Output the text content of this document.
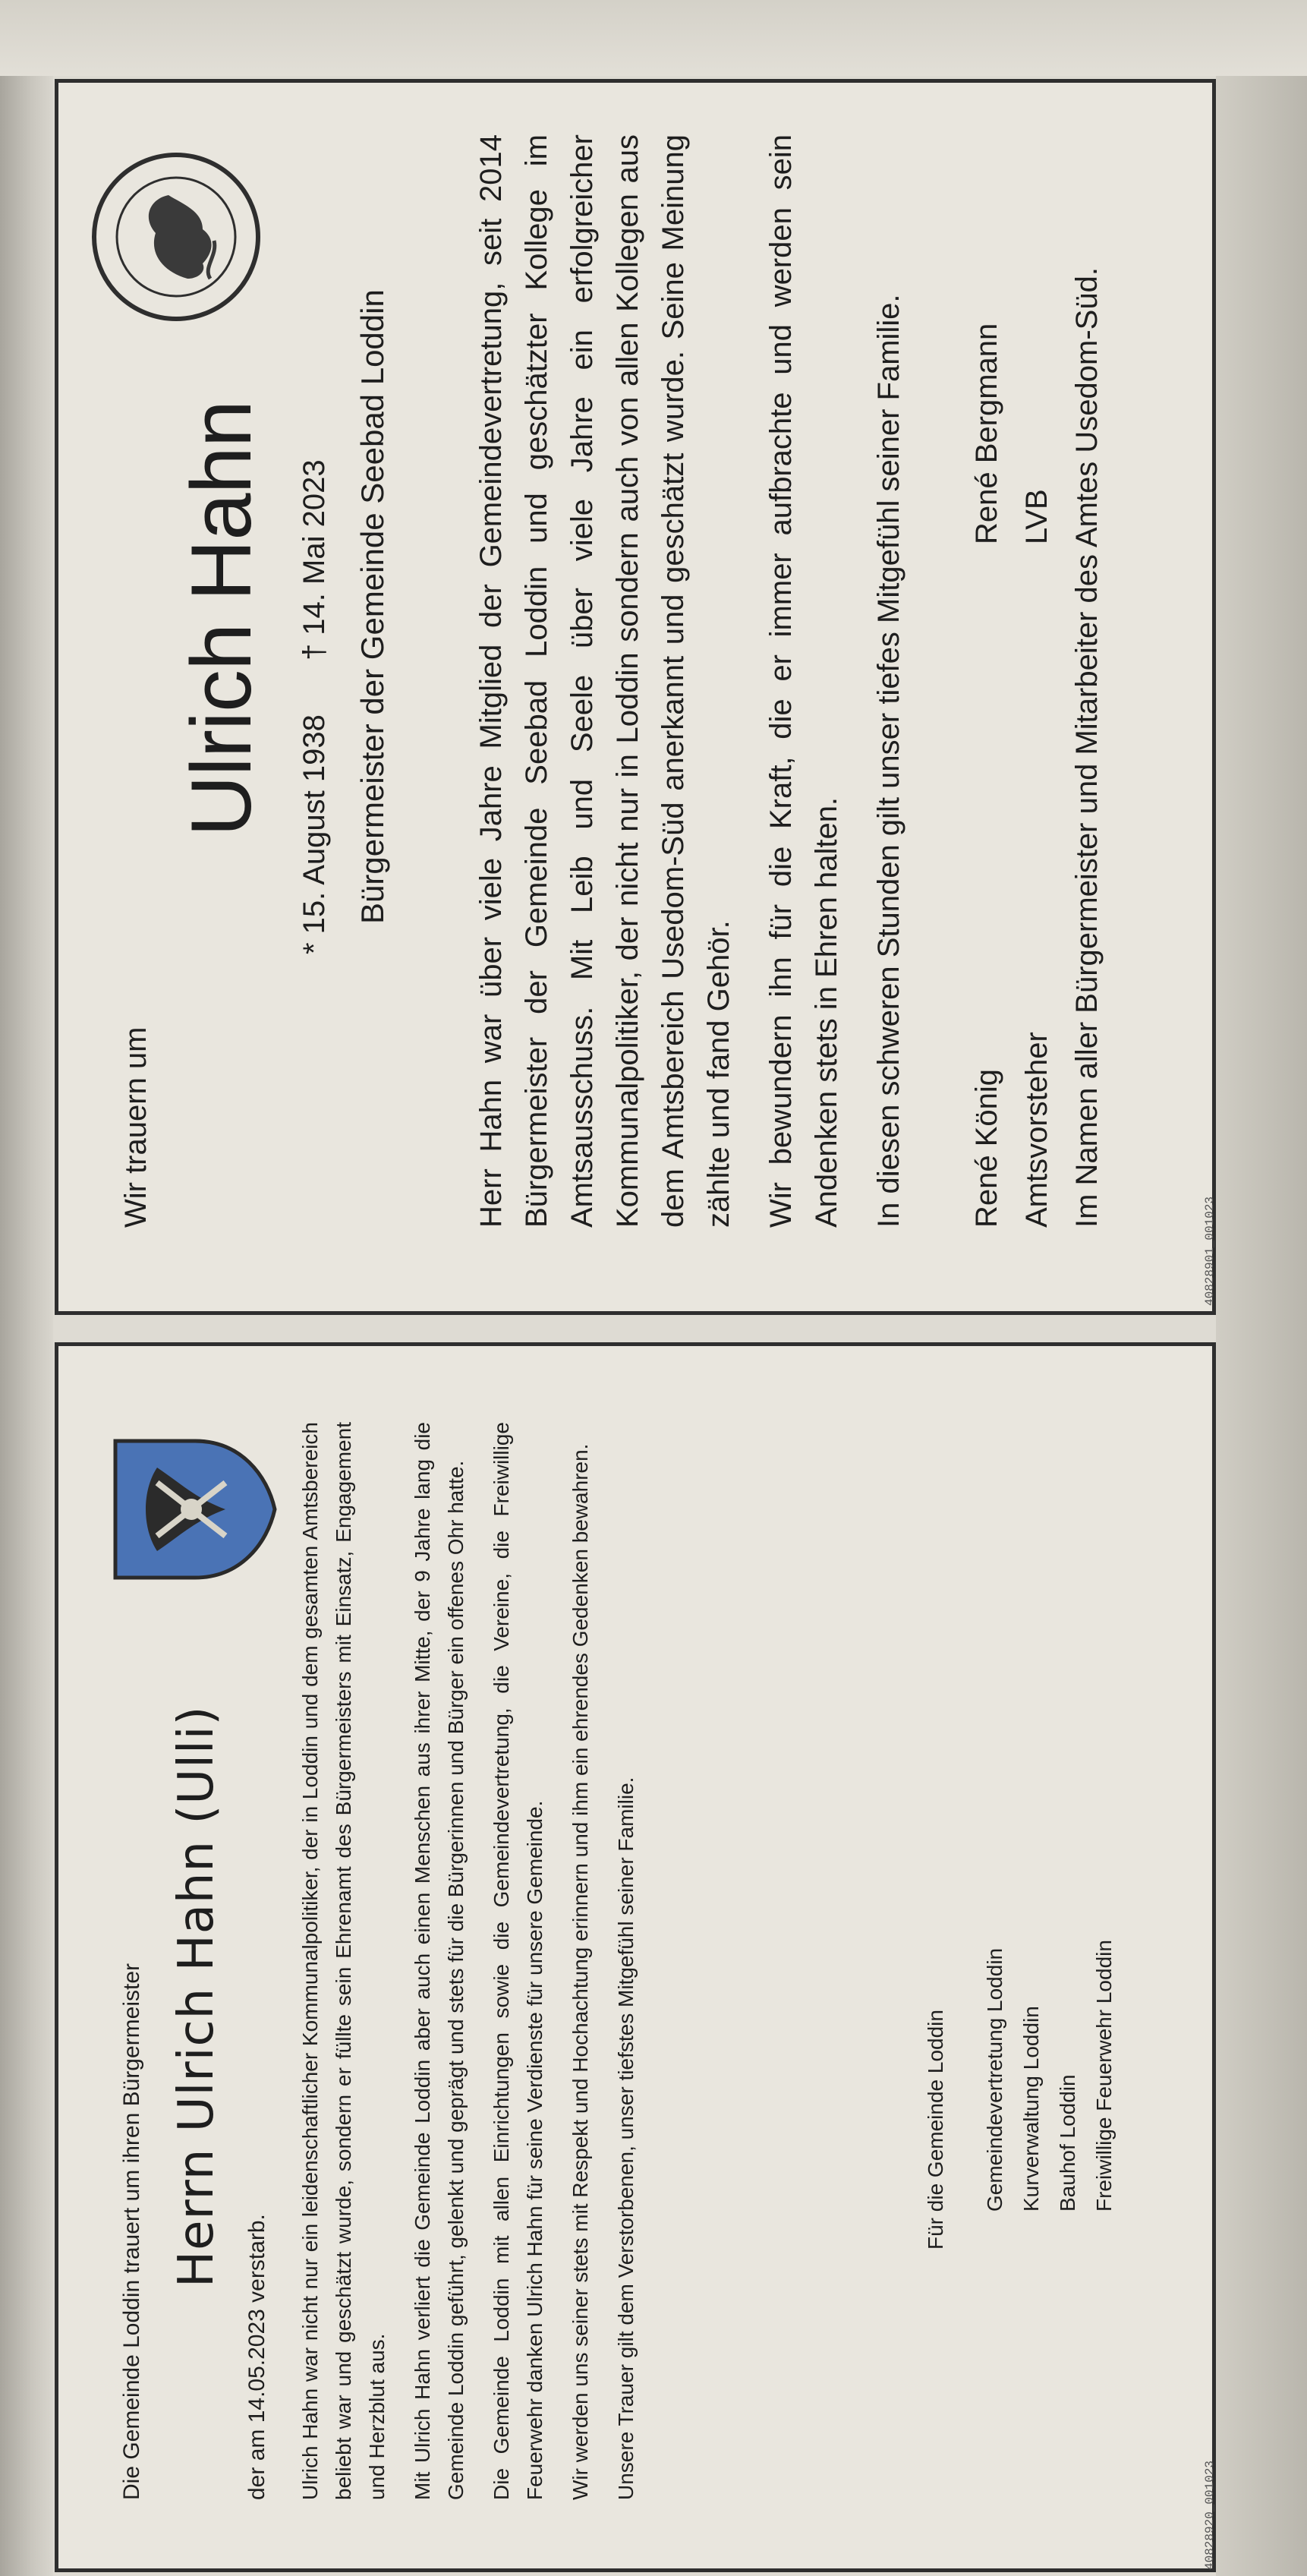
Wir trauern um

Ulrich Hahn * 15. August 1938 † 14. Mai 2023 Bürgermeister der Gemeinde Seebad Loddin	Herr Hahn war über viele Jahre Mitglied der Gemeindevertretung, seit 2014 Bürgermeister der Gemeinde Seebad Loddin und geschätzter Kollege im Amtsausschuss. Mit Leib und Seele über viele Jahre ein erfolgreicher Kommunalpolitiker, der nicht nur in Loddin sondern auch von allen Kollegen aus dem Amtsbereich Usedom-Süd anerkannt und geschätzt wurde. Seine Meinung zählte und fand Gehör. Wir bewundern ihn für die Kraft, die er immer aufbrachte und werden sein Andenken stets in Ehren halten. In diesen schweren Stunden gilt unser tiefes Mitgefühl seiner Familie. René König Amtsvorsteher
René Bergmann LVB Im Namen aller Bürgermeister und Mitarbeiter des Amtes Usedom-Süd.
40828901_001023

Die Gemeinde Loddin trauert um ihren Bürgermeister Herrn Ulrich Hahn (Ulli)
der am 14.05.2023 verstarb. Ulrich Hahn war nicht nur ein leidenschaftlicher Kommunalpolitiker, der in Loddin und dem gesamten Amtsbereich beliebt war und geschätzt wurde, sondern er füllte sein Ehrenamt des Bürgermeisters mit Einsatz, Engagement und Herzblut aus. Mit Ulrich Hahn verliert die Gemeinde Loddin aber auch einen Menschen aus ihrer Mitte, der 9 Jahre lang die Gemeinde Loddin geführt, gelenkt und geprägt und stets für die Bürgerinnen und Bürger ein offenes Ohr hatte. Die Gemeinde Loddin mit allen Einrichtungen sowie die Gemeindevertretung, die Vereine, die Freiwillige Feuerwehr danken Ulrich Hahn für seine Verdienste für unsere Gemeinde. Wir werden uns seiner stets mit Respekt und Hochachtung erinnern und ihm ein ehrendes Gedenken bewahren. Unsere Trauer gilt dem Verstorbenen, unser tiefstes Mitgefühl seiner Familie.	Für die Gemeinde Loddin Gemeindevertretung Loddin Kurverwaltung Loddin Bauhof Loddin Freiwillige Feuerwehr Loddin
40828920_001023
